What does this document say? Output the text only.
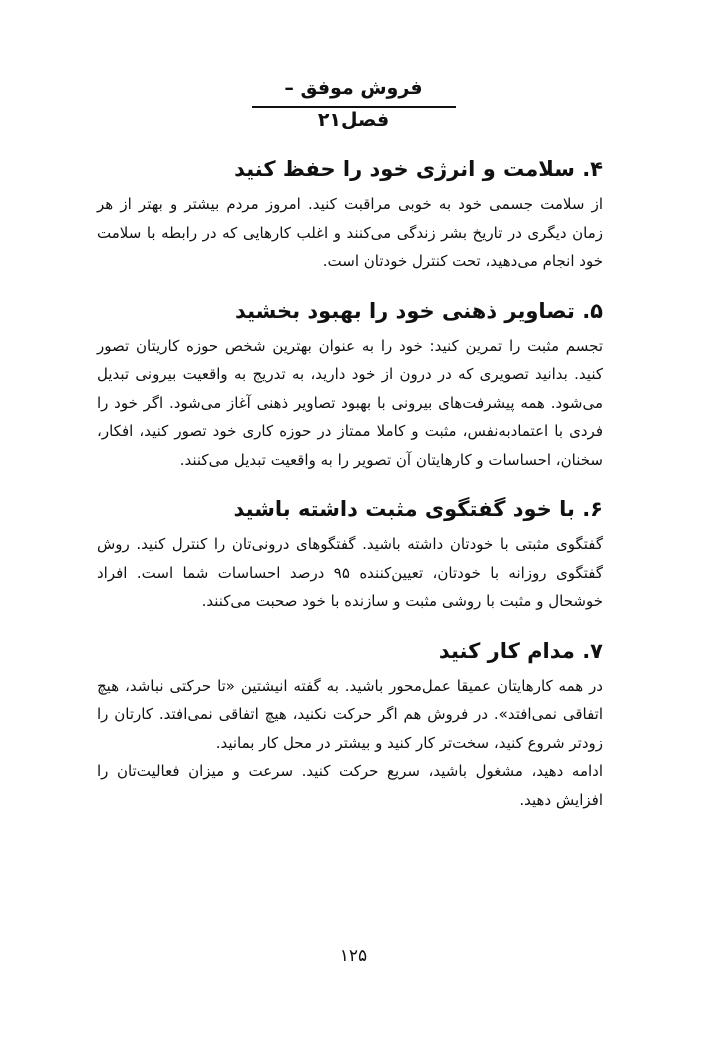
فروش موفق – فصل۲۱
۴. سلامت و انرژی خود را حفظ کنید

از سلامت جسمی خود به خوبی مراقبت کنید. امروز مردم بیشتر و بهتر از هر زمان دیگری در تاریخ بشر زندگی می‌کنند و اغلب کارهایی که در رابطه با سلامت خود انجام می‌دهید، تحت کنترل خودتان است.

۵. تصاویر ذهنی خود را بهبود بخشید

تجسم مثبت را تمرین کنید: خود را به عنوان بهترین شخص حوزه کاریتان تصور کنید. بدانید تصویری که در درون از خود دارید، به تدریج به واقعیت بیرونی تبدیل می‌شود. همه پیشرفت‌های بیرونی با بهبود تصاویر ذهنی آغاز می‌شود. اگر خود را فردی با اعتمادبه‌نفس، مثبت و کاملا ممتاز در حوزه کاری خود تصور کنید، افکار، سخنان، احساسات و کارهایتان آن تصویر را به واقعیت تبدیل می‌کنند.

۶. با خود گفتگوی مثبت داشته باشید

گفتگوی مثبتی با خودتان داشته باشید. گفتگوهای درونی‌تان را کنترل کنید. روش گفتگوی روزانه با خودتان، تعیین‌کننده ۹۵ درصد احساسات شما است. افراد خوشحال و مثبت با روشی مثبت و سازنده با خود صحبت می‌کنند.

۷. مدام کار کنید

در همه کارهایتان عمیقا عمل‌محور باشید. به گفته انیشتین «تا حرکتی نباشد، هیچ اتفاقی نمی‌افتد». در فروش هم اگر حرکت نکنید، هیچ اتفاقی نمی‌افتد. کارتان را زودتر شروع کنید، سخت‌تر کار کنید و بیشتر در محل کار بمانید.

ادامه دهید، مشغول باشید، سریع حرکت کنید. سرعت و میزان فعالیت‌تان را افزایش دهید.

۱۲۵
